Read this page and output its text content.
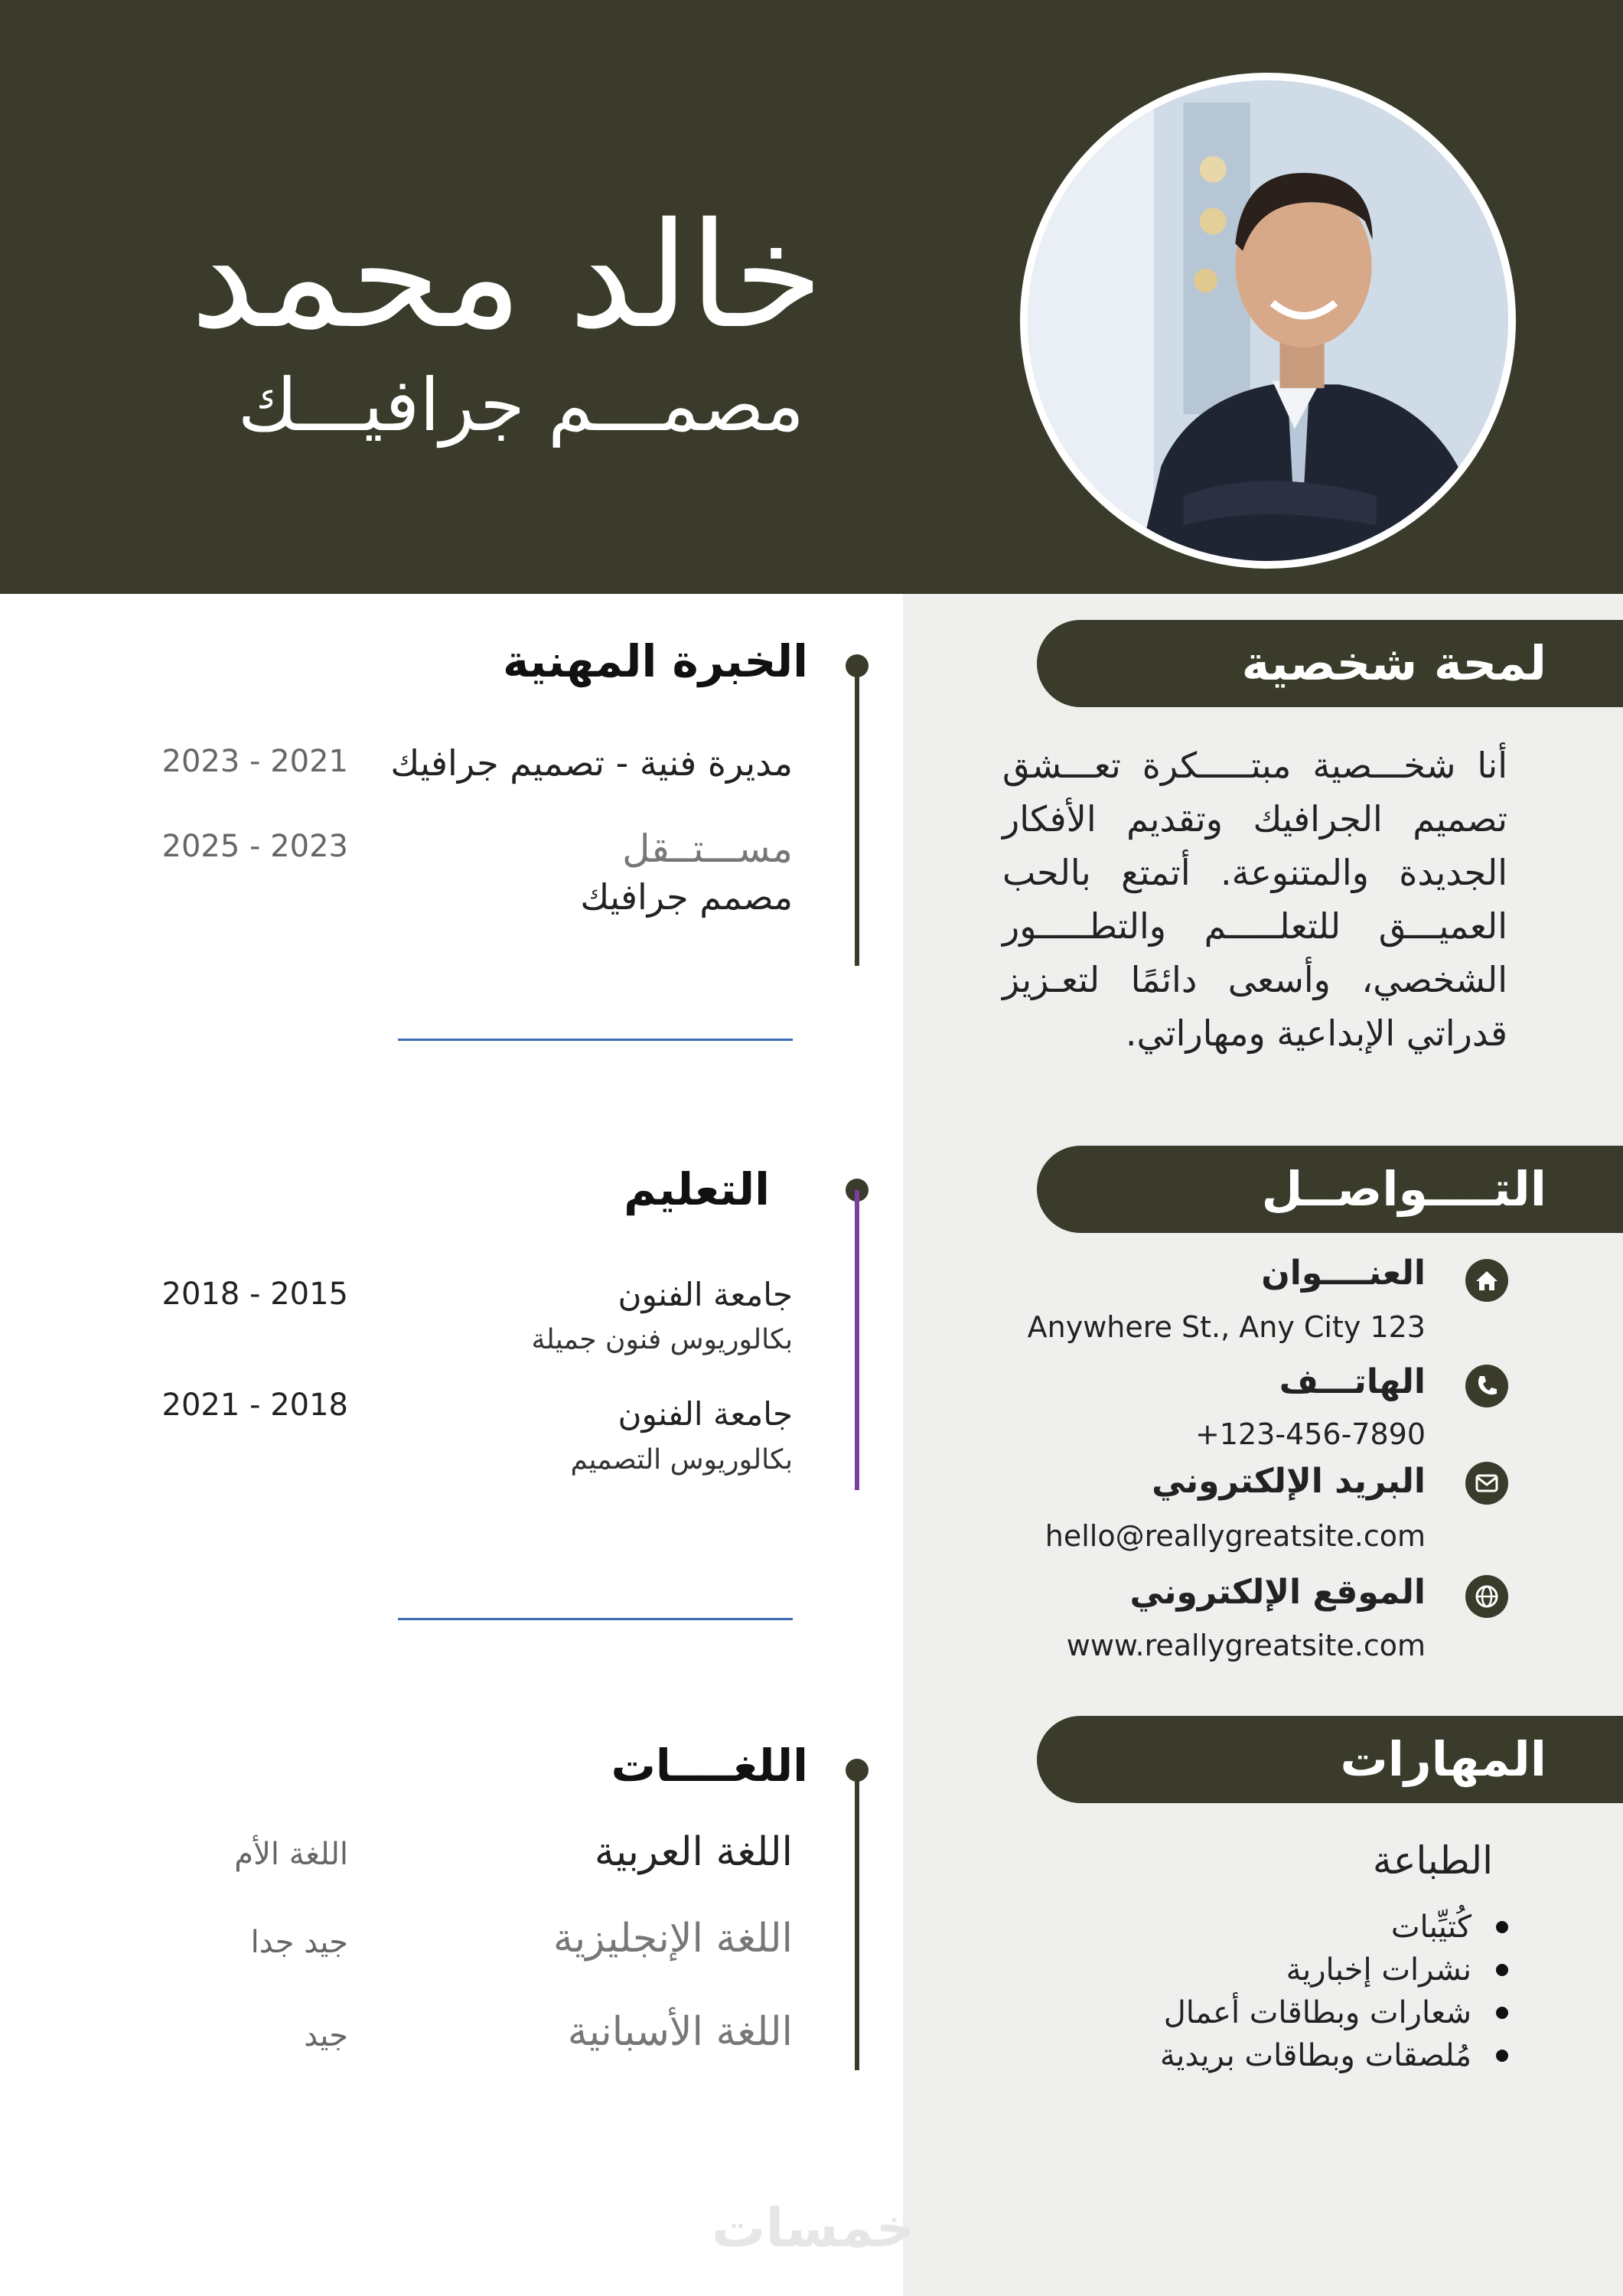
خالد محمد
مصمـــم جرافيـــك
لمحة شخصية
أنا شخـــصية مبتـــــكرة تعـــشق تصميم الجرافيك وتقديم الأفكار الجديدة والمتنوعة. أتمتع بالحب العميـــق للتعلـــــم والتطـــــور الشخصي، وأسعى دائمًا لتعـزيز قدراتي الإبداعية ومهاراتي.
التــــواصــل
العنــــوان
Anywhere St., Any City 123
الهاتـــف
+123-456-7890
البريد الإلكتروني
hello@reallygreatsite.com
الموقع الإلكتروني
www.reallygreatsite.com
المهارات
الطباعة
كُتيِّبات
نشرات إخبارية
شعارات وبطاقات أعمال
مُلصقات وبطاقات بريدية
الخبرة المهنية
مديرة فنية - تصميم جرافيك
2023 - 2021
مســـتــقل
مصمم جرافيك
2025 - 2023
التعليم
جامعة الفنون
بكالوريوس فنون جميلة
2018 - 2015
جامعة الفنون
بكالوريوس التصميم
2021 - 2018
اللغــــات
اللغة العربية
اللغة الأم
اللغة الإنجليزية
جيد جدا
اللغة الأسبانية
جيد
خمسات
